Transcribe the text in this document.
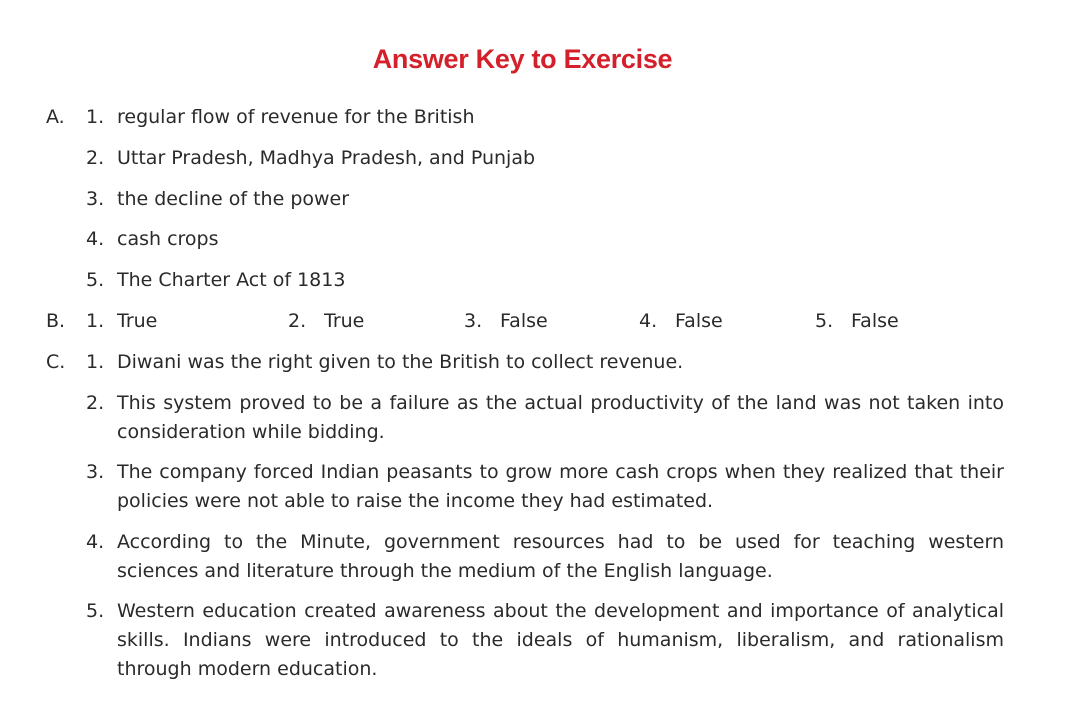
Answer Key to Exercise
A. 1. regular flow of revenue for the British
2. Uttar Pradesh, Madhya Pradesh, and Punjab
3. the decline of the power
4. cash crops
5. The Charter Act of 1813
B. 1. True	2. True	3. False	4. False	5. False
C. 1. Diwani was the right given to the British to collect revenue.
2. This system proved to be a failure as the actual productivity of the land was not taken into consideration while bidding.
3. The company forced Indian peasants to grow more cash crops when they realized that their policies were not able to raise the income they had estimated.
4. According to the Minute, government resources had to be used for teaching western sciences and literature through the medium of the English language.
5. Western education created awareness about the development and importance of analytical skills. Indians were introduced to the ideals of humanism, liberalism, and rationalism through modern education.
